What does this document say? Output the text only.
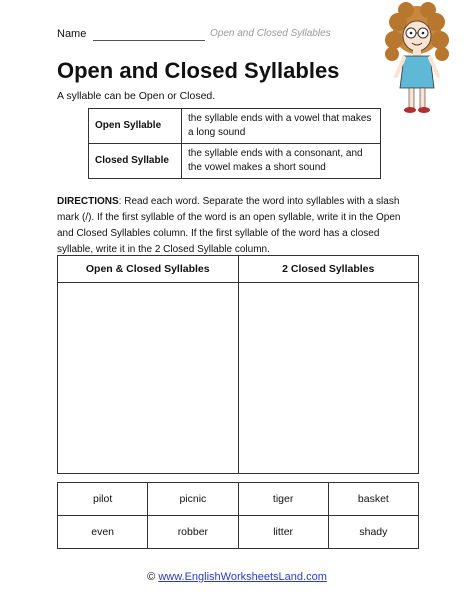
Name	Open and Closed Syllables
Open and Closed Syllables
A syllable can be Open or Closed.
Open Syllable	the syllable ends with a vowel that makes a long sound
Closed Syllable	the syllable ends with a consonant, and the vowel makes a short sound
DIRECTIONS: Read each word. Separate the word into syllables with a slash mark (/). If the first syllable of the word is an open syllable, write it in the Open and Closed Syllables column. If the first syllable of the word has a closed syllable, write it in the 2 Closed Syllable column.
Open & Closed Syllables	2 Closed Syllables

pilot	picnic	tiger	basket
even	robber	litter	shady
© www.EnglishWorksheetsLand.com
